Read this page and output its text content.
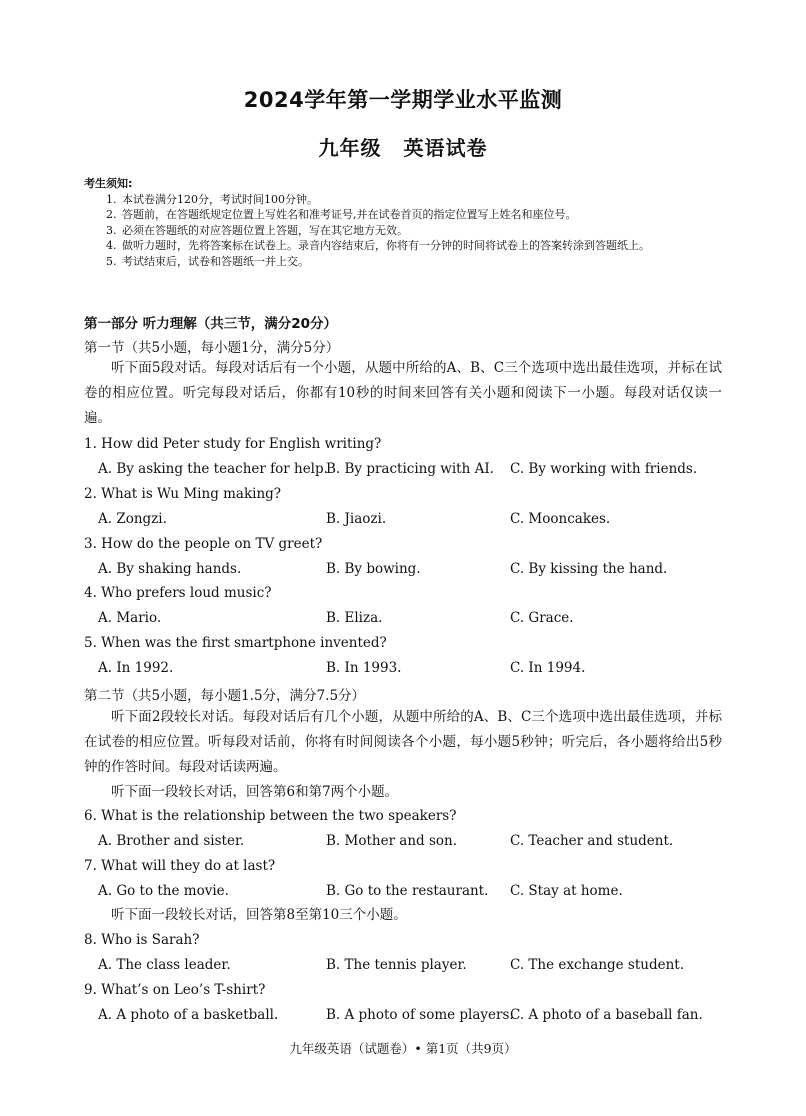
2024学年第一学期学业水平监测
九年级 英语试卷
考生须知:
1. 本试卷满分120分，考试时间100分钟。
2. 答题前，在答题纸规定位置上写姓名和准考证号,并在试卷首页的指定位置写上姓名和座位号。
3. 必须在答题纸的对应答题位置上答题，写在其它地方无效。
4. 做听力题时，先将答案标在试卷上。录音内容结束后，你将有一分钟的时间将试卷上的答案转涂到答题纸上。
5. 考试结束后，试卷和答题纸一并上交。
第一部分 听力理解（共三节，满分20分）
第一节（共5小题，每小题1分，满分5分）
听下面5段对话。每段对话后有一个小题，从题中所给的A、B、C三个选项中选出最佳选项，并标在试卷的相应位置。听完每段对话后，你都有10秒的时间来回答有关小题和阅读下一小题。每段对话仅读一遍。
1. How did Peter study for English writing?
A. By asking the teacher for help.
B. By practicing with AI. C. By working with friends.
2. What is Wu Ming making?
A. Zongzi.	B. Jiaozi.	C. Mooncakes.
3. How do the people on TV greet?
A. By shaking hands.	B. By bowing.	C. By kissing the hand.
4. Who prefers loud music?
A. Mario.	B. Eliza.	C. Grace.
5. When was the first smartphone invented?
A. In 1992.	B. In 1993.	C. In 1994.
第二节（共5小题，每小题1.5分，满分7.5分）
听下面2段较长对话。每段对话后有几个小题，从题中所给的A、B、C三个选项中选出最佳选项，并标在试卷的相应位置。听每段对话前，你将有时间阅读各个小题，每小题5秒钟；听完后，各小题将给出5秒钟的作答时间。每段对话读两遍。
听下面一段较长对话，回答第6和第7两个小题。
6. What is the relationship between the two speakers?
A. Brother and sister.	B. Mother and son.	C. Teacher and student.
7. What will they do at last?
A. Go to the movie.	B. Go to the restaurant. C. Stay at home.
听下面一段较长对话，回答第8至第10三个小题。
8. Who is Sarah?
A. The class leader.	B. The tennis player.	C. The exchange student.
9. What’s on Leo’s T-shirt?
A. A photo of a basketball.	B. A photo of some players.
C. A photo of a baseball fan.
九年级英语（试题卷）• 第1页（共9页）
